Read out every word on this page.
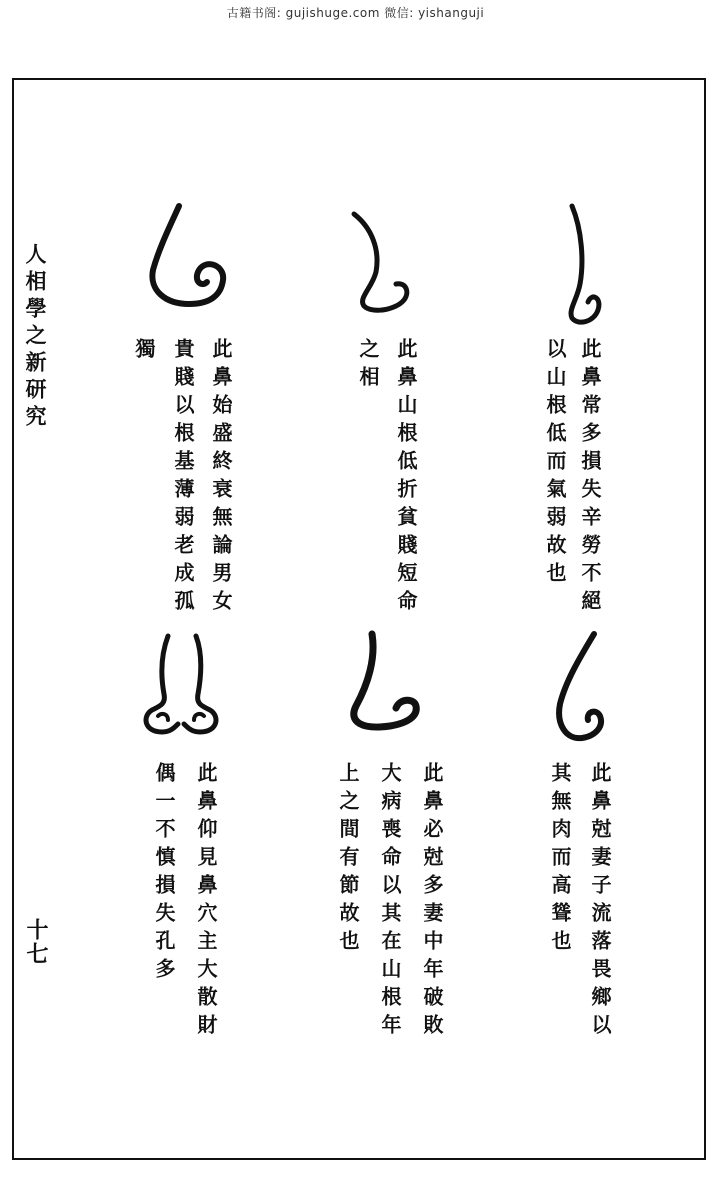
古籍书阁: gujishuge.com 微信: yishanguji
人相學之新研究
十七
此鼻常多損失辛勞不絕
以山根低而氣弱故也
此鼻山根低折貧賤短命
之相
此鼻始盛終衰無論男女
貴賤以根基薄弱老成孤
獨
此鼻尅妻子流落畏鄉以
其無肉而高聳也
此鼻必尅多妻中年破敗
大病喪命以其在山根年
上之間有節故也
此鼻仰見鼻穴主大散財
偶一不慎損失孔多
